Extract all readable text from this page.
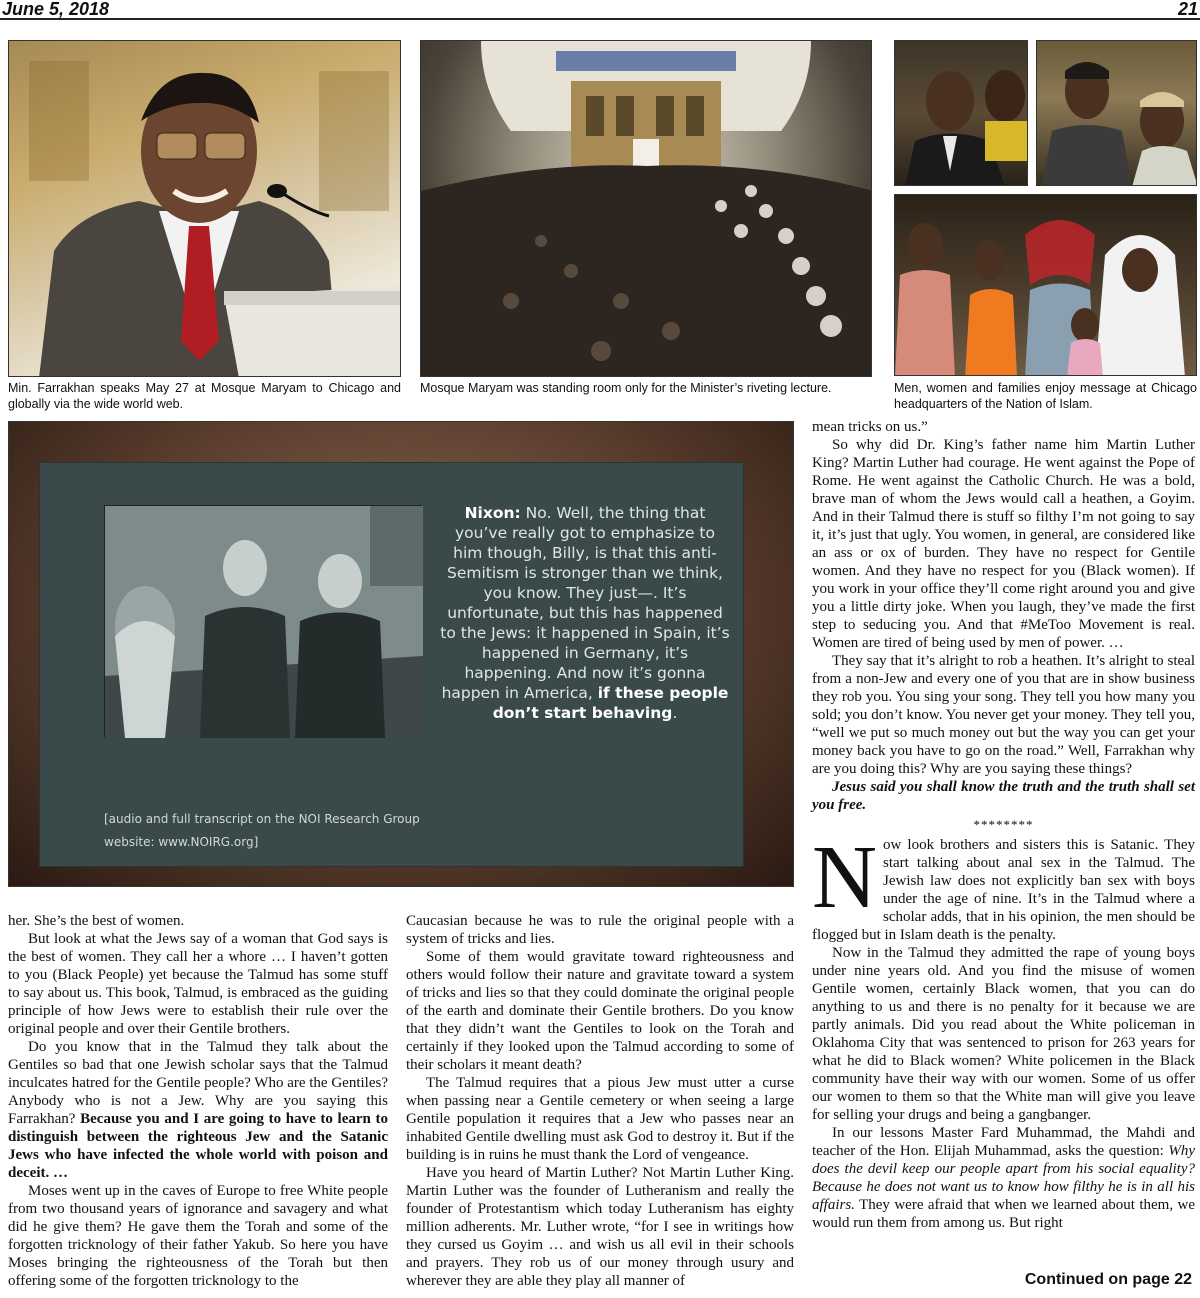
June 5, 2018	21
Min. Farrakhan speaks May 27 at Mosque Maryam to Chicago and globally via the wide world web.
Mosque Maryam was standing room only for the Minister’s riveting lecture.	Men, women and families enjoy message at Chicago headquarters of the Nation of Islam.
Nixon: No. Well, the thing that you’ve really got to emphasize to him though, Billy, is that this anti-Semitism is stronger than we think, you know. They just—. It’s unfortunate, but this has happened to the Jews: it happened in Spain, it’s happened in Germany, it’s happening. And now it’s gonna happen in America, if these people don’t start behaving.
[audio and full transcript on the NOI Research Group
website: www.NOIRG.org]

her. She’s the best of women.

But look at what the Jews say of a woman that God says is the best of women. They call her a whore … I haven’t gotten to you (Black People) yet because the Talmud has some stuff to say about us. This book, Talmud, is embraced as the guiding principle of how Jews were to establish their rule over the original people and over their Gentile brothers.

Do you know that in the Talmud they talk about the Gentiles so bad that one Jewish scholar says that the Talmud inculcates hatred for the Gentile people? Who are the Gentiles? Anybody who is not a Jew. Why are you saying this Farrakhan? Because you and I are going to have to learn to distinguish between the righteous Jew and the Satanic Jews who have infected the whole world with poison and deceit. …

Moses went up in the caves of Europe to free White people from two thousand years of ignorance and savagery and what did he give them? He gave them the Torah and some of the forgotten tricknology of their father Yakub. So here you have Moses bringing the righteousness of the Torah but then offering some of the forgotten tricknology to the

Caucasian because he was to rule the original people with a system of tricks and lies.

Some of them would gravitate toward righteousness and others would follow their nature and gravitate toward a system of tricks and lies so that they could dominate the original people of the earth and dominate their Gentile brothers. Do you know that they didn’t want the Gentiles to look on the Torah and certainly if they looked upon the Talmud according to some of their scholars it meant death?

The Talmud requires that a pious Jew must utter a curse when passing near a Gentile cemetery or when seeing a large Gentile population it requires that a Jew who passes near an inhabited Gentile dwelling must ask God to destroy it. But if the building is in ruins he must thank the Lord of vengeance.

Have you heard of Martin Luther? Not Martin Luther King. Martin Luther was the founder of Lutheranism and really the founder of Protestantism which today Lutheranism has eighty million adherents. Mr. Luther wrote, “for I see in writings how they cursed us Goyim … and wish us all evil in their schools and prayers. They rob us of our money through usury and wherever they are able they play all manner of

mean tricks on us.”

So why did Dr. King’s father name him Martin Luther King? Martin Luther had courage. He went against the Pope of Rome. He went against the Catholic Church. He was a bold, brave man of whom the Jews would call a heathen, a Goyim. And in their Talmud there is stuff so filthy I’m not going to say it, it’s just that ugly. You women, in general, are considered like an ass or ox of burden. They have no respect for Gentile women. And they have no respect for you (Black women). If you work in your office they’ll come right around you and give you a little dirty joke. When you laugh, they’ve made the first step to seducing you. And that #MeToo Movement is real. Women are tired of being used by men of power. …

They say that it’s alright to rob a heathen. It’s alright to steal from a non-Jew and every one of you that are in show business they rob you. You sing your song. They tell you how many you sold; you don’t know. You never get your money. They tell you, “well we put so much money out but the way you can get your money back you have to go on the road.” Well, Farrakhan why are you doing this? Why are you saying these things?

Jesus said you shall know the truth and the truth shall set you free.

********

Now look brothers and sisters this is Satanic. They start talking about anal sex in the Talmud. The Jewish law does not explicitly ban sex with boys under the age of nine. It’s in the Talmud where a scholar adds, that in his opinion, the men should be flogged but in Islam death is the penalty.

Now in the Talmud they admitted the rape of young boys under nine years old. And you find the misuse of women Gentile women, certainly Black women, that you can do anything to us and there is no penalty for it because we are partly animals. Did you read about the White policeman in Oklahoma City that was sentenced to prison for 263 years for what he did to Black women? White policemen in the Black community have their way with our women. Some of us offer our women to them so that the White man will give you leave for selling your drugs and being a gangbanger.

In our lessons Master Fard Muhammad, the Mahdi and teacher of the Hon. Elijah Muhammad, asks the question: Why does the devil keep our people apart from his social equality? Because he does not want us to know how filthy he is in all his affairs. They were afraid that when we learned about them, we would run them from among us. But right

Continued on page 22
